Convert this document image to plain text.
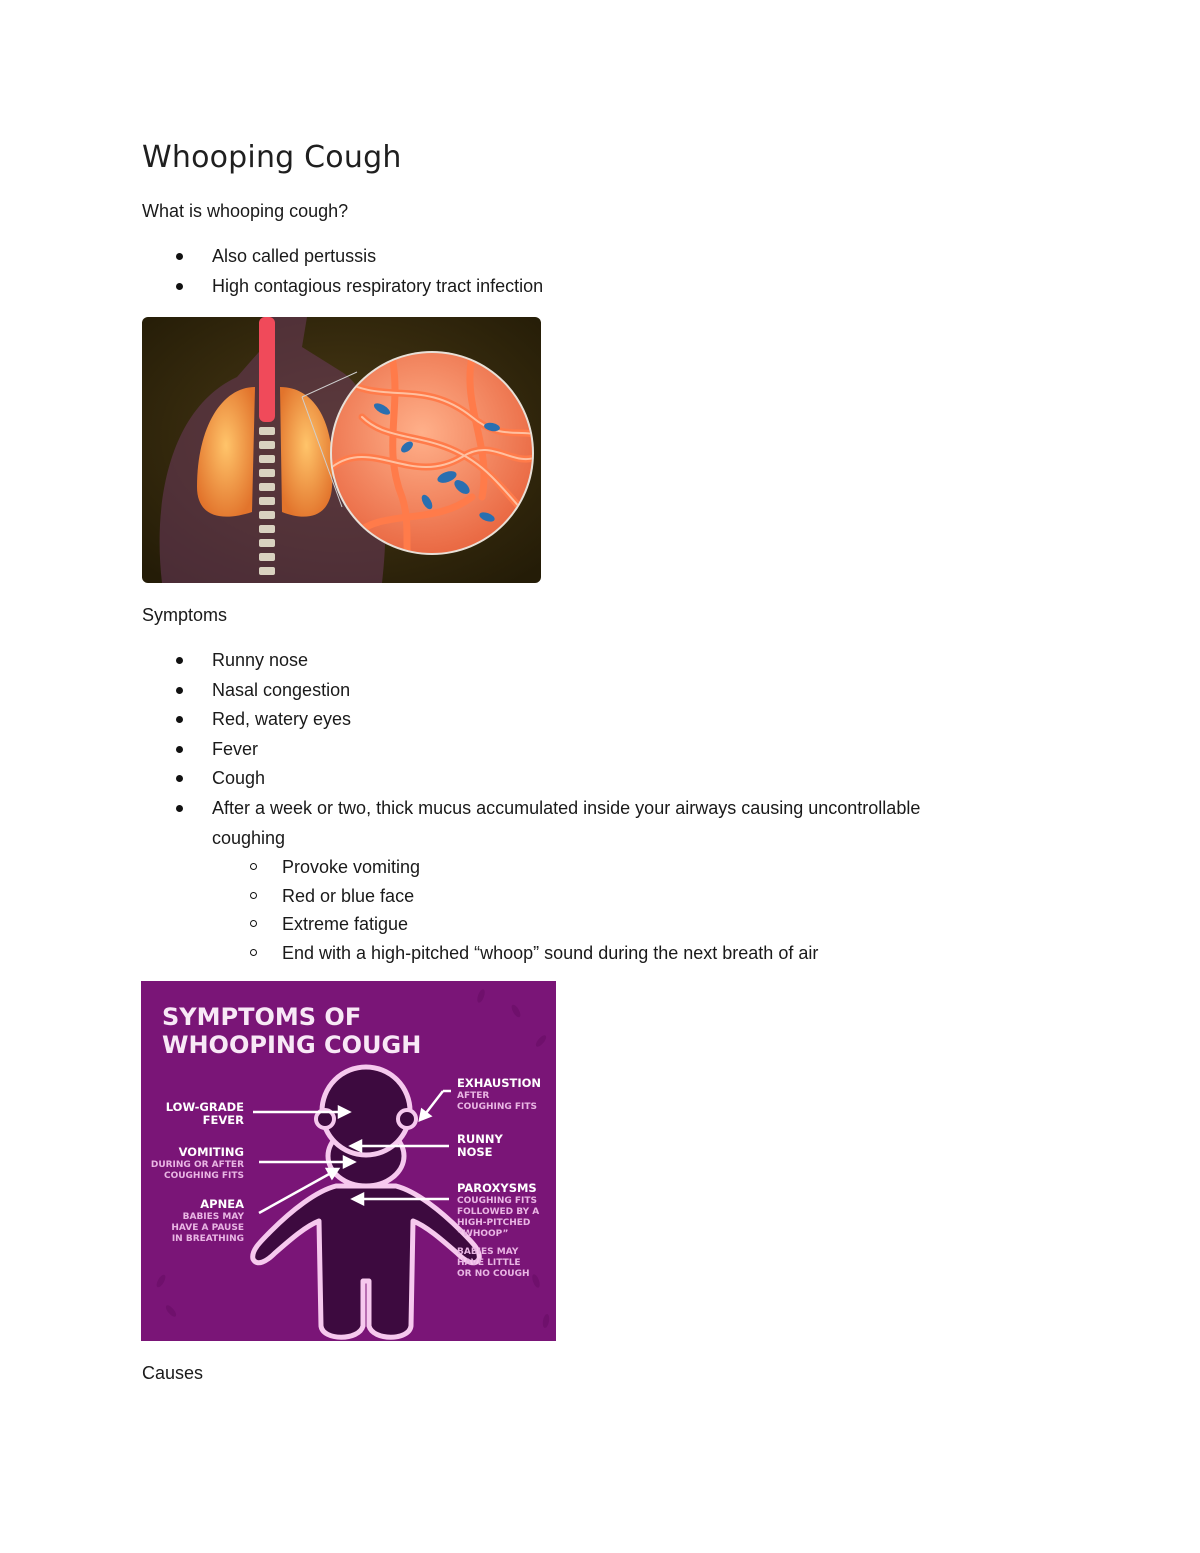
Whooping Cough

What is whooping cough?

Also called pertussis
High contagious respiratory tract infection

Symptoms

Runny nose
Nasal congestion
Red, watery eyes
Fever
Cough
After a week or two, thick mucus accumulated inside your airways causing uncontrollable coughing
Provoke vomiting
Red or blue face
Extreme fatigue
End with a high-pitched “whoop” sound during the next breath of air
SYMPTOMS OF
WHOOPING COUGH
LOW-GRADE
FEVER
VOMITING
DURING OR AFTER
COUGHING FITS
APNEA
BABIES MAY
HAVE A PAUSE
IN BREATHING
EXHAUSTION
AFTER
COUGHING FITS
RUNNY
NOSE
PAROXYSMS
COUGHING FITS
FOLLOWED BY A
HIGH-PITCHED
“WHOOP”
BABIES MAY
HAVE LITTLE
OR NO COUGH

Causes
